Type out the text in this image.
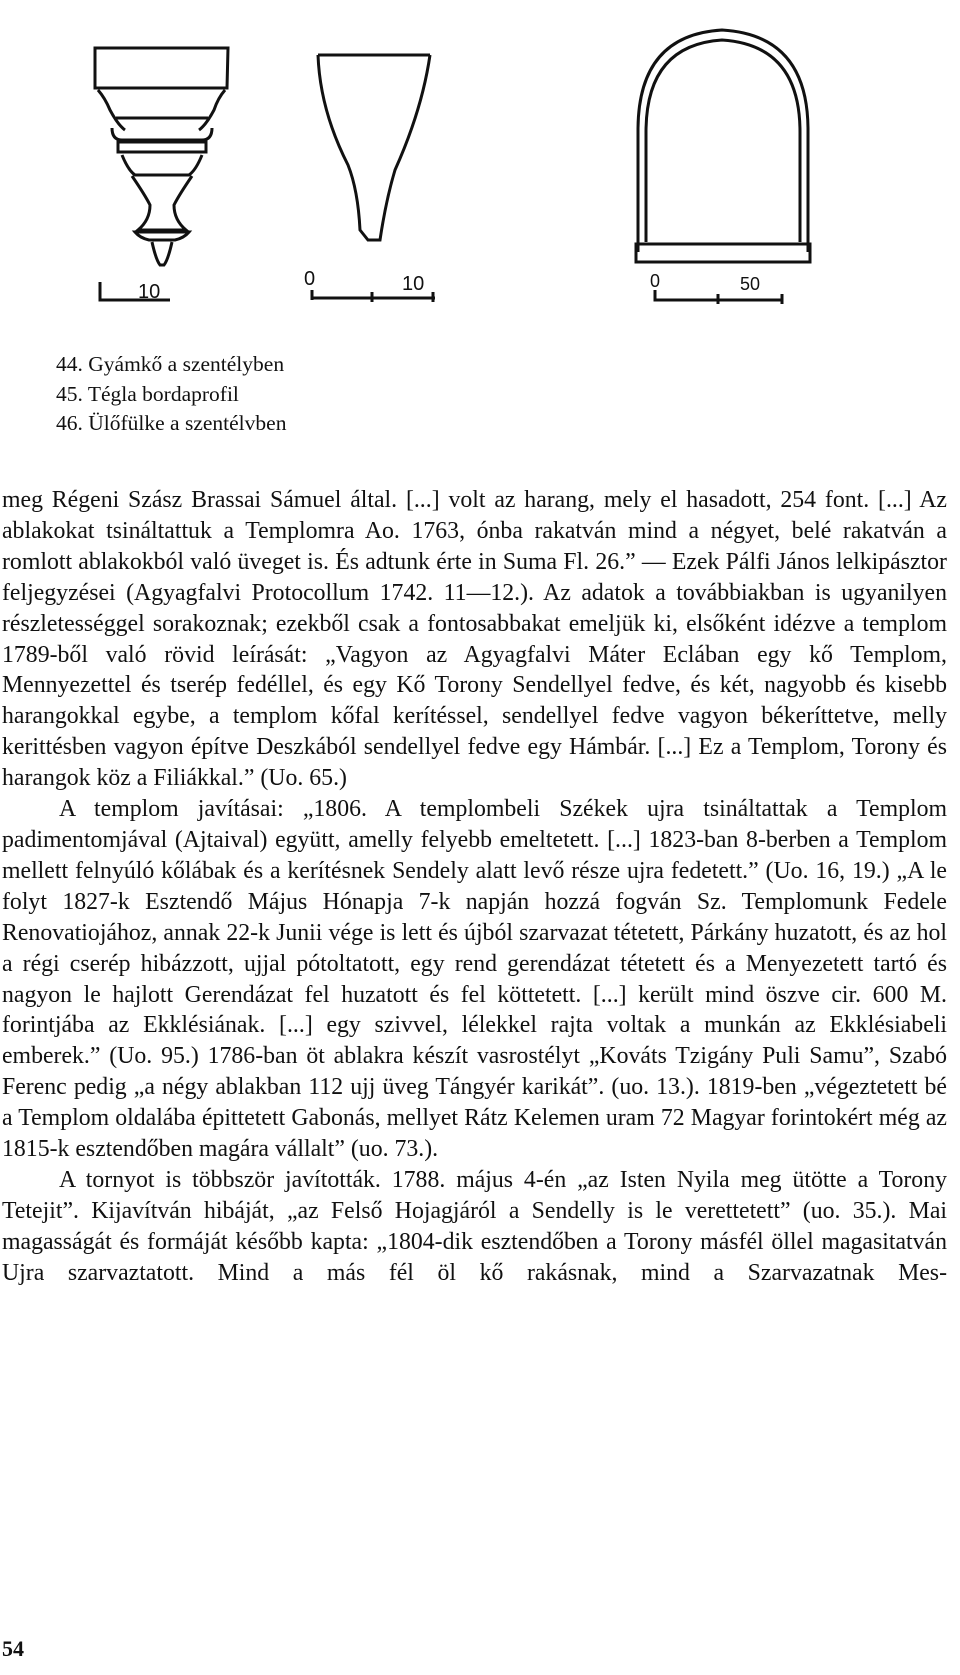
10
0	10	0	50
44. Gyámkő a szentélyben
45. Tégla bordaprofil
46. Ülőfülke a szentélvben

meg Régeni Szász Brassai Sámuel által. [...] volt az harang, mely el hasadott, 254 font. [...] Az ablakokat tsináltattuk a Templomra Ao. 1763, ónba rakatván mind a négyet, belé rakatván a romlott ablakokból való üveget is. És adtunk érte in Suma Fl. 26.” — Ezek Pálfi János lelkipásztor feljegyzései (Agyagfalvi Protocollum 1742. 11—12.). Az adatok a továbbiakban is ugyanilyen részletességgel sorakoznak; ezekből csak a fontosabbakat emeljük ki, elsőként idézve a templom 1789-ből való rövid leírását: „Vagyon az Agyagfalvi Máter Eclában egy kő Templom, Mennyezettel és tserép fedéllel, és egy Kő Torony Sendellyel fedve, és két, nagyobb és kisebb harangokkal egybe, a templom kőfal kerítéssel, sendellyel fedve vagyon békeríttetve, melly kerittésben vagyon építve Deszkából sendellyel fedve egy Hámbár. [...] Ez a Templom, Torony és harangok köz a Filiákkal.” (Uo. 65.)

A templom javításai: „1806. A templombeli Székek ujra tsináltattak a Templom padimentomjával (Ajtaival) együtt, amelly felyebb emeltetett. [...] 1823-ban 8-berben a Templom mellett felnyúló kőlábak és a kerítésnek Sendely alatt levő része ujra fedetett.” (Uo. 16, 19.) „A le folyt 1827-k Esztendő Május Hónapja 7-k napján hozzá fogván Sz. Templomunk Fedele Renovatiojához, annak 22-k Junii vége is lett és újból szarvazat tétetett, Párkány huzatott, és az hol a régi cserép hibázzott, ujjal pótoltatott, egy rend gerendázat tétetett és a Menyezetett tartó és nagyon le hajlott Gerendázat fel huzatott és fel köttetett. [...] került mind öszve cir. 600 M. forintjába az Ekklésiának. [...] egy szivvel, lélekkel rajta voltak a munkán az Ekklésiabeli emberek.” (Uo. 95.) 1786-ban öt ablakra készít vasrostélyt „Kováts Tzigány Puli Samu”, Szabó Ferenc pedig „a négy ablakban 112 ujj üveg Tángyér karikát”. (uo. 13.). 1819-ben „végeztetett bé a Templom oldalába épittetett Gabonás, mellyet Rátz Kelemen uram 72 Magyar forintokért még az 1815-k esztendőben magára vállalt” (uo. 73.).

A tornyot is többször javították. 1788. május 4-én „az Isten Nyila meg ütötte a Torony Tetejit”. Kijavítván hibáját, „az Felső Hojagjáról a Sendelly is le verettetett” (uo. 35.). Mai magasságát és formáját később kapta: „1804-dik esztendőben a Torony másfél öllel magasitatván Ujra szarvaztatott. Mind a más fél öl kő rakásnak, mind a Szarvazatnak Mes-

54
